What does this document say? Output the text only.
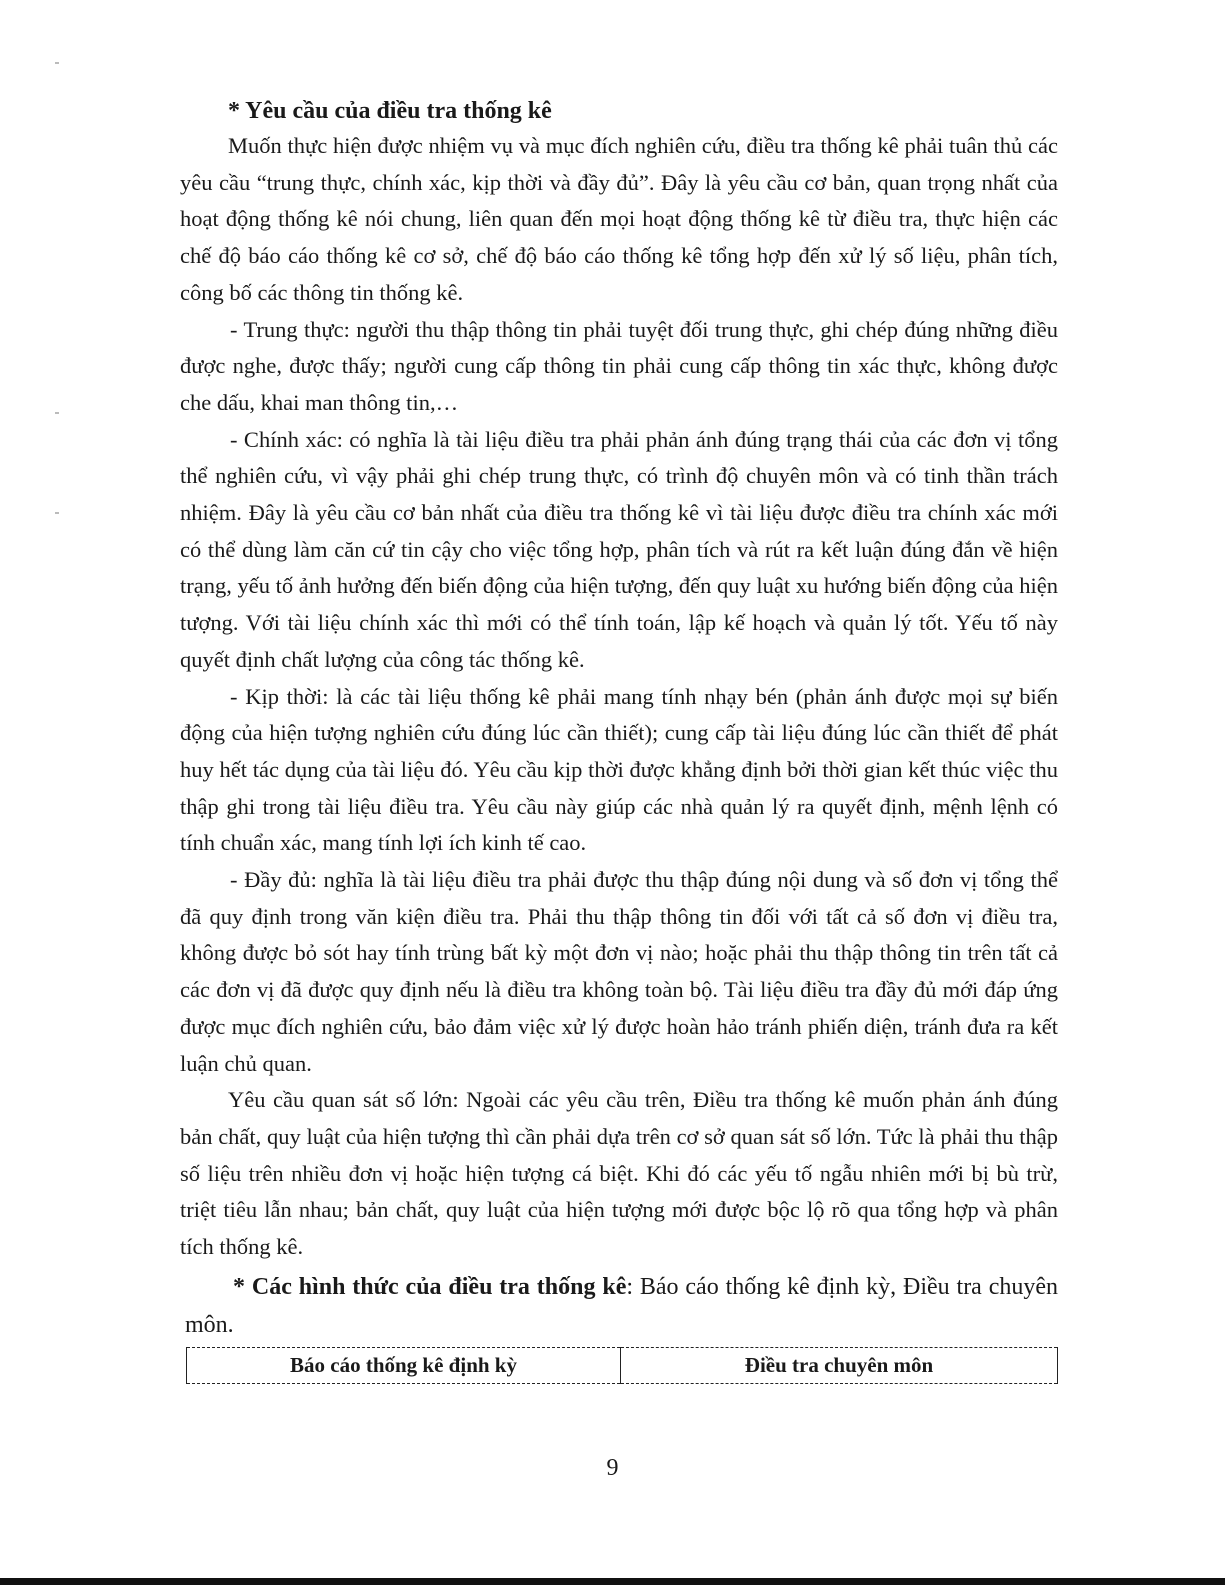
* Yêu cầu của điều tra thống kê

Muốn thực hiện được nhiệm vụ và mục đích nghiên cứu, điều tra thống kê phải tuân thủ các yêu cầu “trung thực, chính xác, kịp thời và đầy đủ”. Đây là yêu cầu cơ bản, quan trọng nhất của hoạt động thống kê nói chung, liên quan đến mọi hoạt động thống kê từ điều tra, thực hiện các chế độ báo cáo thống kê cơ sở, chế độ báo cáo thống kê tổng hợp đến xử lý số liệu, phân tích, công bố các thông tin thống kê.

- Trung thực: người thu thập thông tin phải tuyệt đối trung thực, ghi chép đúng những điều được nghe, được thấy; người cung cấp thông tin phải cung cấp thông tin xác thực, không được che dấu, khai man thông tin,…

- Chính xác: có nghĩa là tài liệu điều tra phải phản ánh đúng trạng thái của các đơn vị tổng thể nghiên cứu, vì vậy phải ghi chép trung thực, có trình độ chuyên môn và có tinh thần trách nhiệm. Đây là yêu cầu cơ bản nhất của điều tra thống kê vì tài liệu được điều tra chính xác mới có thể dùng làm căn cứ tin cậy cho việc tổng hợp, phân tích và rút ra kết luận đúng đắn về hiện trạng, yếu tố ảnh hưởng đến biến động của hiện tượng, đến quy luật xu hướng biến động của hiện tượng. Với tài liệu chính xác thì mới có thể tính toán, lập kế hoạch và quản lý tốt. Yếu tố này quyết định chất lượng của công tác thống kê.

- Kịp thời: là các tài liệu thống kê phải mang tính nhạy bén (phản ánh được mọi sự biến động của hiện tượng nghiên cứu đúng lúc cần thiết); cung cấp tài liệu đúng lúc cần thiết để phát huy hết tác dụng của tài liệu đó. Yêu cầu kịp thời được khẳng định bởi thời gian kết thúc việc thu thập ghi trong tài liệu điều tra. Yêu cầu này giúp các nhà quản lý ra quyết định, mệnh lệnh có tính chuẩn xác, mang tính lợi ích kinh tế cao.

- Đầy đủ: nghĩa là tài liệu điều tra phải được thu thập đúng nội dung và số đơn vị tổng thể đã quy định trong văn kiện điều tra. Phải thu thập thông tin đối với tất cả số đơn vị điều tra, không được bỏ sót hay tính trùng bất kỳ một đơn vị nào; hoặc phải thu thập thông tin trên tất cả các đơn vị đã được quy định nếu là điều tra không toàn bộ. Tài liệu điều tra đầy đủ mới đáp ứng được mục đích nghiên cứu, bảo đảm việc xử lý được hoàn hảo tránh phiến diện, tránh đưa ra kết luận chủ quan.

Yêu cầu quan sát số lớn: Ngoài các yêu cầu trên, Điều tra thống kê muốn phản ánh đúng bản chất, quy luật của hiện tượng thì cần phải dựa trên cơ sở quan sát số lớn. Tức là phải thu thập số liệu trên nhiều đơn vị hoặc hiện tượng cá biệt. Khi đó các yếu tố ngẫu nhiên mới bị bù trừ, triệt tiêu lẫn nhau; bản chất, quy luật của hiện tượng mới được bộc lộ rõ qua tổng hợp và phân tích thống kê.

* Các hình thức của điều tra thống kê: Báo cáo thống kê định kỳ, Điều tra chuyên môn.

Báo cáo thống kê định kỳ	Điều tra chuyên môn
9
